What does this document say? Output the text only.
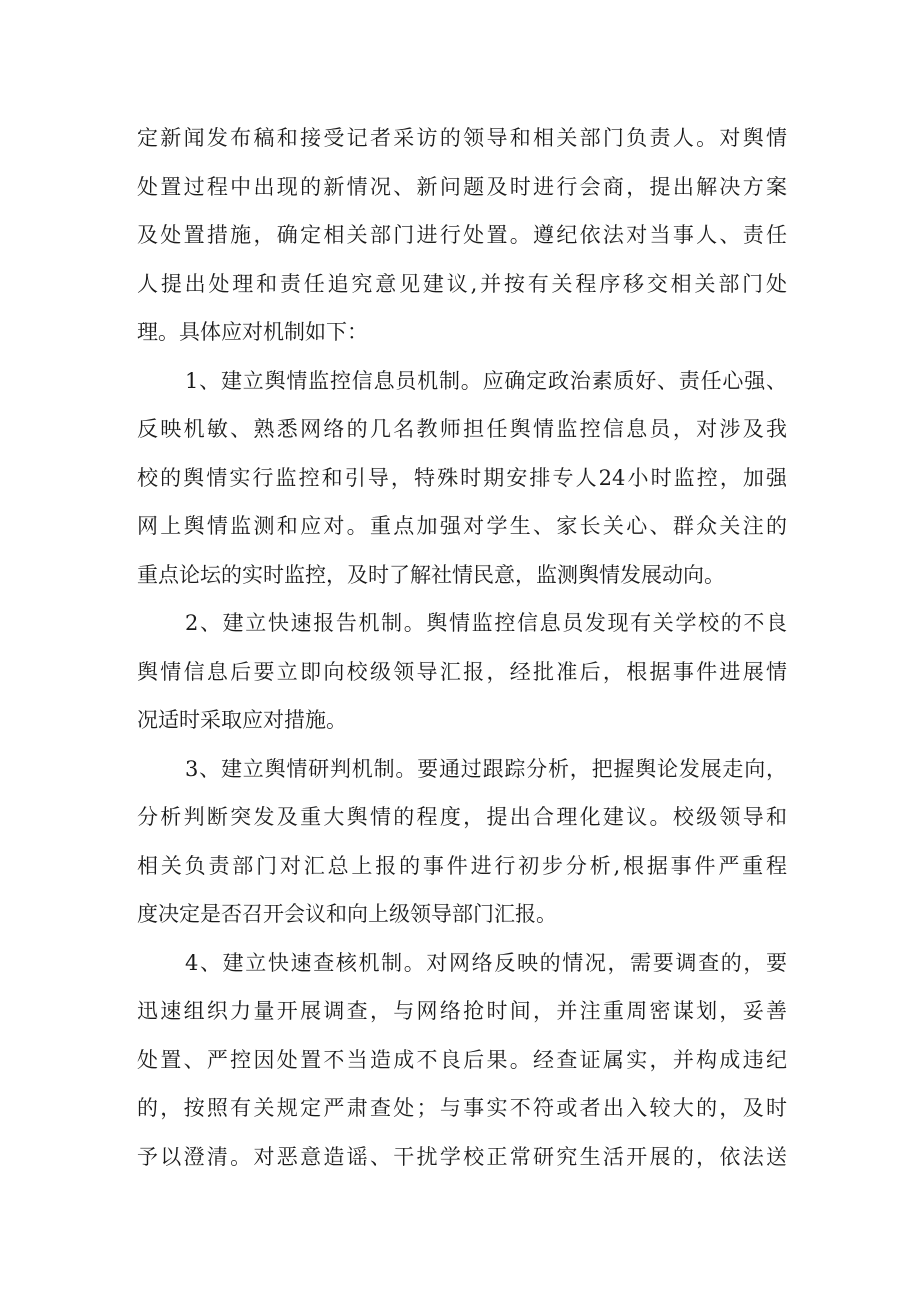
定新闻发布稿和接受记者采访的领导和相关部门负责人。对舆情
处置过程中出现的新情况、新问题及时进行会商，提出解决方案
及处置措施，确定相关部门进行处置。遵纪依法对当事人、责任
人提出处理和责任追究意见建议,并按有关程序移交相关部门处
理。具体应对机制如下：
1、建立舆情监控信息员机制。应确定政治素质好、责任心强、
反映机敏、熟悉网络的几名教师担任舆情监控信息员，对涉及我
校的舆情实行监控和引导，特殊时期安排专人24小时监控，加强
网上舆情监测和应对。重点加强对学生、家长关心、群众关注的
重点论坛的实时监控，及时了解社情民意，监测舆情发展动向。
2、建立快速报告机制。舆情监控信息员发现有关学校的不良
舆情信息后要立即向校级领导汇报，经批准后，根据事件进展情
况适时采取应对措施。
3、建立舆情研判机制。要通过跟踪分析，把握舆论发展走向，
分析判断突发及重大舆情的程度，提出合理化建议。校级领导和
相关负责部门对汇总上报的事件进行初步分析,根据事件严重程
度决定是否召开会议和向上级领导部门汇报。
4、建立快速查核机制。对网络反映的情况，需要调查的，要
迅速组织力量开展调查，与网络抢时间，并注重周密谋划，妥善
处置、严控因处置不当造成不良后果。经查证属实，并构成违纪
的，按照有关规定严肃查处；与事实不符或者出入较大的，及时
予以澄清。对恶意造谣、干扰学校正常研究生活开展的，依法送
